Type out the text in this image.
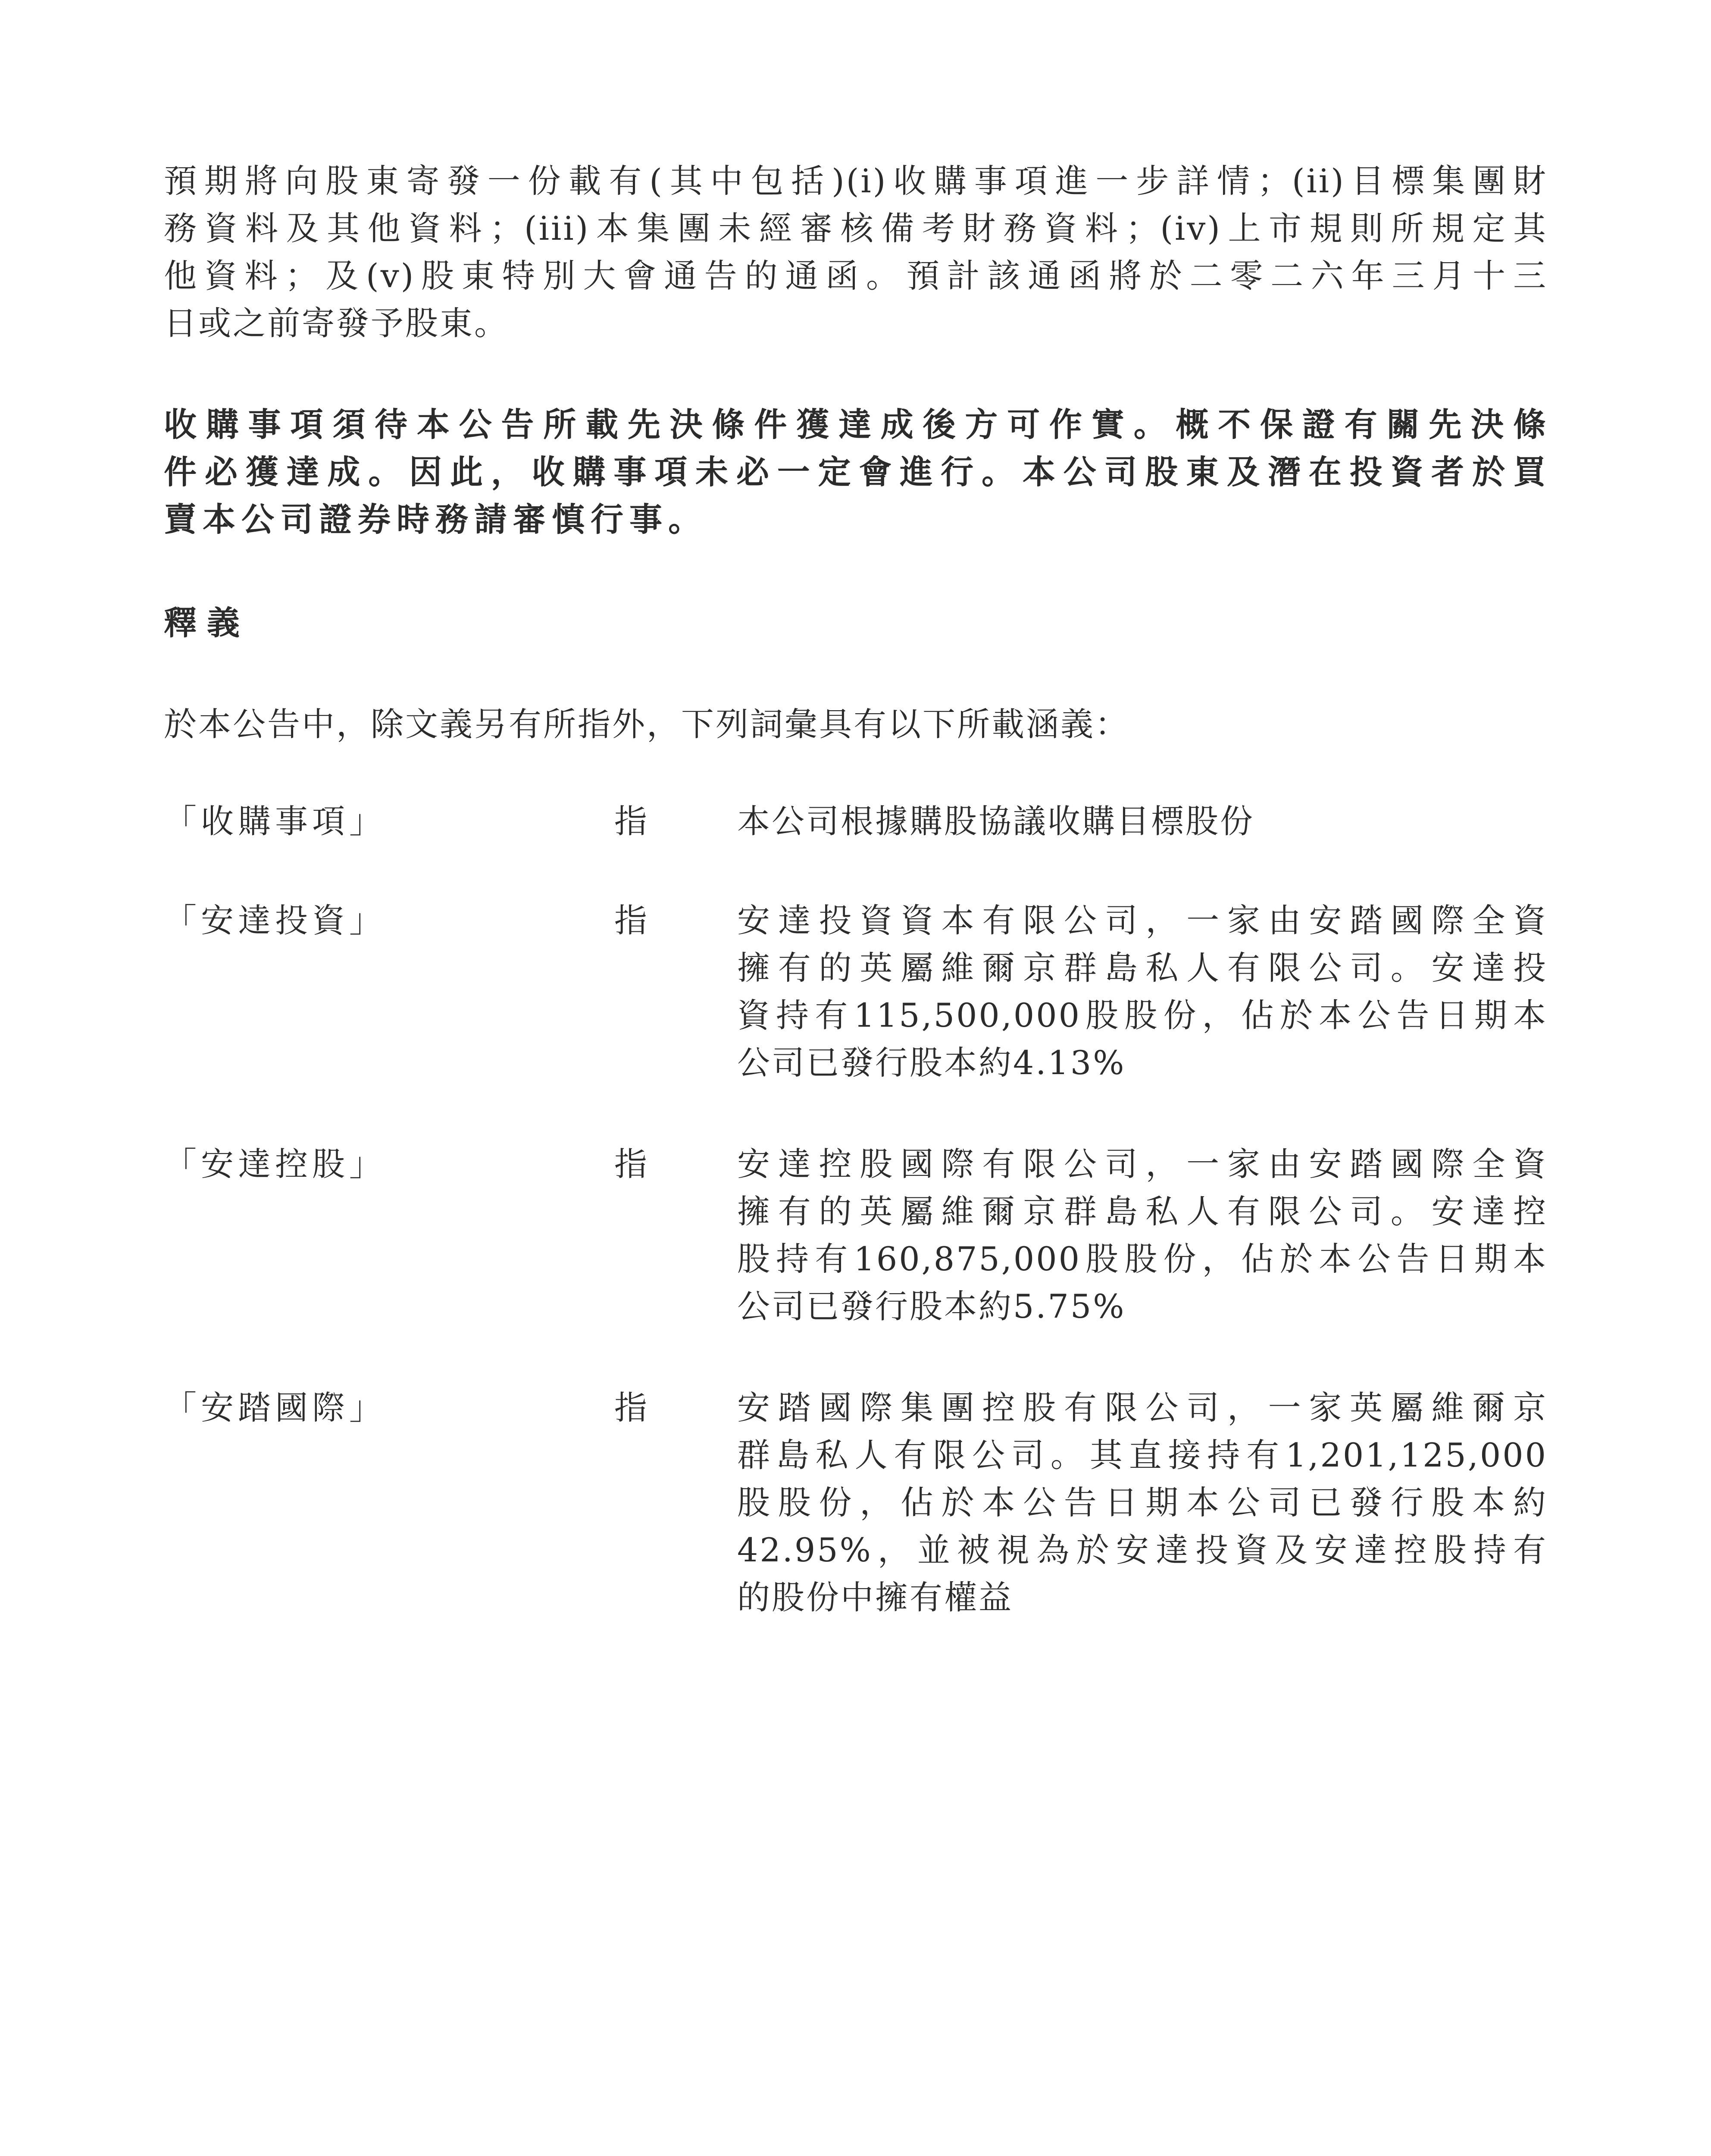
預期將向股東寄發一份載有(其中包括)(i)收購事項進一步詳情；(ii)目標集團財
務資料及其他資料；(iii)本集團未經審核備考財務資料；(iv)上市規則所規定其
他資料；及(v)股東特別大會通告的通函。預計該通函將於二零二六年三月十三
日或之前寄發予股東。
收購事項須待本公告所載先決條件獲達成後方可作實。概不保證有關先決條
件必獲達成。因此，收購事項未必一定會進行。本公司股東及潛在投資者於買
賣本公司證券時務請審慎行事。
釋義
於本公告中，除文義另有所指外，下列詞彙具有以下所載涵義：
「收購事項」	指	本公司根據購股協議收購目標股份
「安達投資」	指	安達投資資本有限公司，一家由安踏國際全資
擁有的英屬維爾京群島私人有限公司。安達投
資持有115,500,000股股份，佔於本公告日期本
公司已發行股本約4.13%
「安達控股」	指	安達控股國際有限公司，一家由安踏國際全資
擁有的英屬維爾京群島私人有限公司。安達控
股持有160,875,000股股份，佔於本公告日期本
公司已發行股本約5.75%
「安踏國際」	指	安踏國際集團控股有限公司，一家英屬維爾京
群島私人有限公司。其直接持有1,201,125,000
股股份，佔於本公告日期本公司已發行股本約
42.95%，並被視為於安達投資及安達控股持有
的股份中擁有權益
